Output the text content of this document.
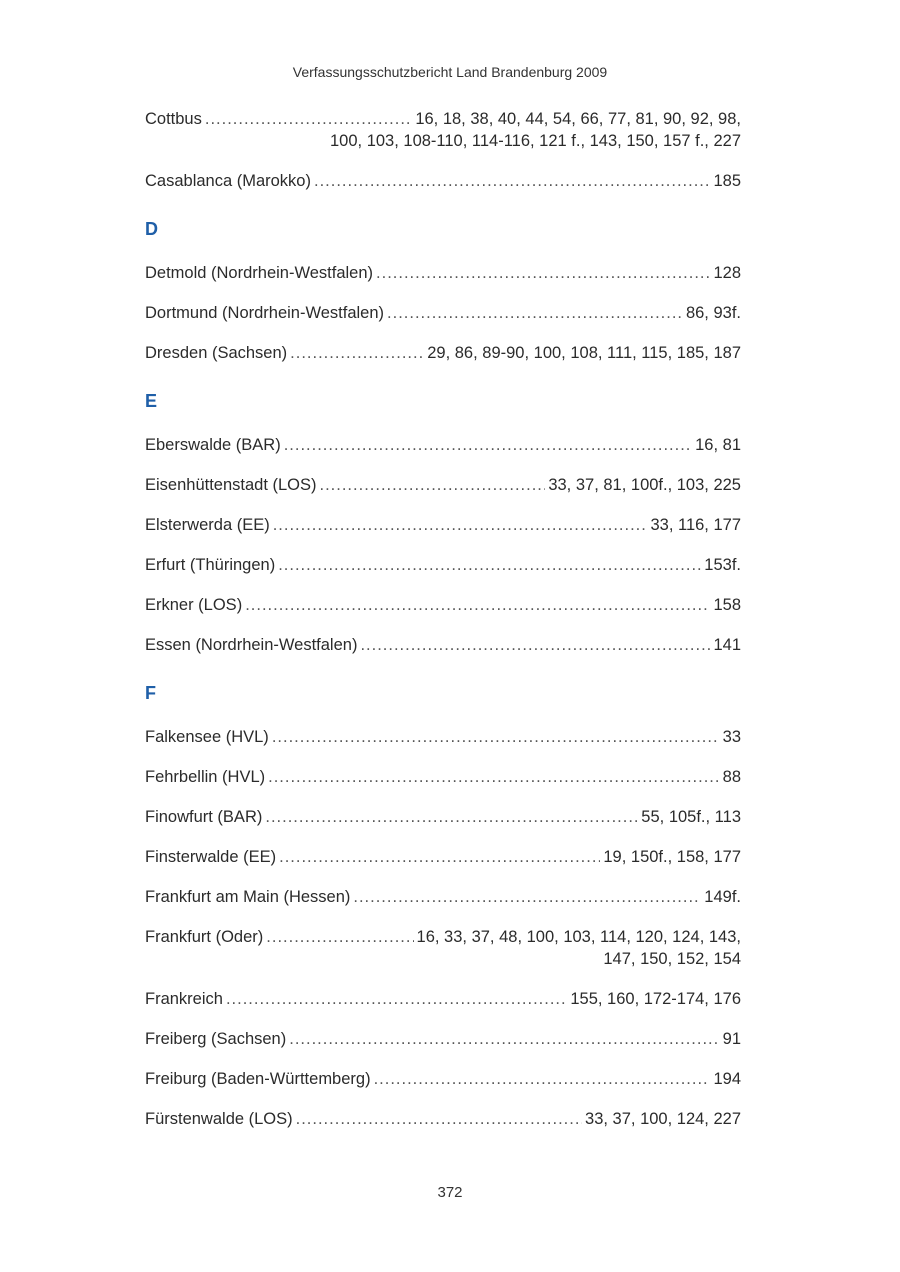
Verfassungsschutzbericht Land Brandenburg 2009
Cottbus .....	16, 18, 38, 40, 44, 54, 66, 77, 81, 90, 92, 98,
100, 103, 108-110, 114-116, 121 f., 143, 150, 157 f., 227
Casablanca (Marokko) .....	185
D
Detmold (Nordrhein-Westfalen) .....	128
Dortmund (Nordrhein-Westfalen) .....	86, 93f.
Dresden (Sachsen) .....	29, 86, 89-90, 100, 108, 111, 115, 185, 187
E
Eberswalde (BAR) .....	16, 81
Eisenhüttenstadt (LOS) .....	33, 37, 81, 100f., 103, 225
Elsterwerda (EE) .....	33, 116, 177
Erfurt (Thüringen) .....	153f.
Erkner (LOS) .....	158
Essen (Nordrhein-Westfalen) .....	141
F
Falkensee (HVL) .....	33
Fehrbellin (HVL) .....	88
Finowfurt (BAR) .....	55, 105f., 113
Finsterwalde (EE) .....	19, 150f., 158, 177
Frankfurt am Main (Hessen) .....	149f.
Frankfurt (Oder) .....	16, 33, 37, 48, 100, 103, 114, 120, 124, 143,
147, 150, 152, 154
Frankreich .....	155, 160, 172-174, 176
Freiberg (Sachsen) .....	91
Freiburg (Baden-Württemberg) .....	194
Fürstenwalde (LOS) .....	33, 37, 100, 124, 227
372
